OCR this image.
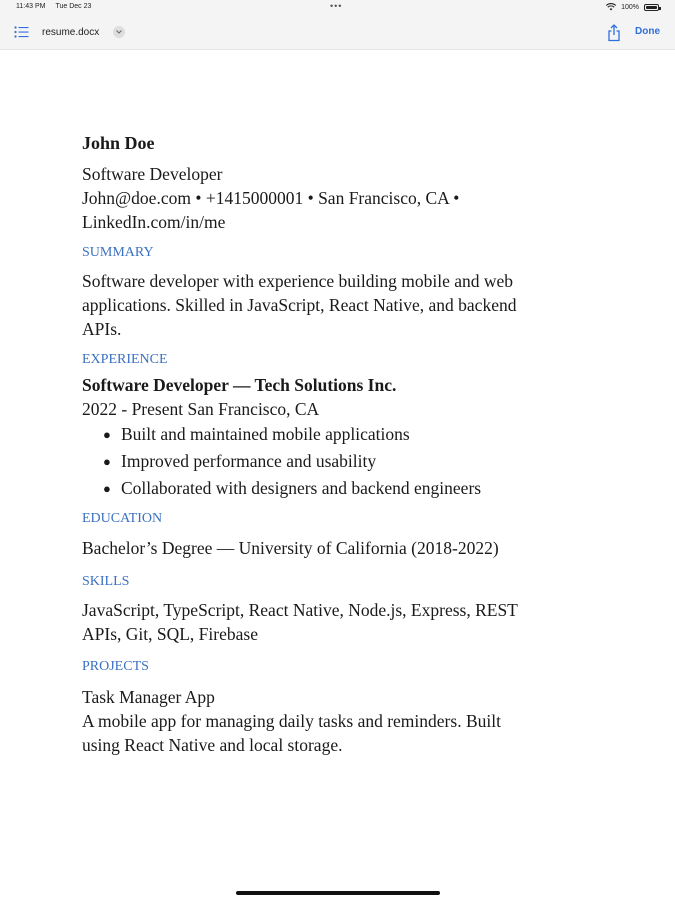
11:43 PM Tue Dec 23	•••	100%
resume.docx	Done
John Doe
Software Developer
John@doe.com • +1415000001 • San Francisco, CA •
LinkedIn.com/in/me
SUMMARY
Software developer with experience building mobile and web
applications. Skilled in JavaScript, React Native, and backend
APIs.
EXPERIENCE
Software Developer — Tech Solutions Inc.
2022 - Present San Francisco, CA
● Built and maintained mobile applications
● Improved performance and usability
● Collaborated with designers and backend engineers
EDUCATION
Bachelor’s Degree — University of California (2018-2022)
SKILLS
JavaScript, TypeScript, React Native, Node.js, Express, REST
APIs, Git, SQL, Firebase
PROJECTS
Task Manager App
A mobile app for managing daily tasks and reminders. Built
using React Native and local storage.
